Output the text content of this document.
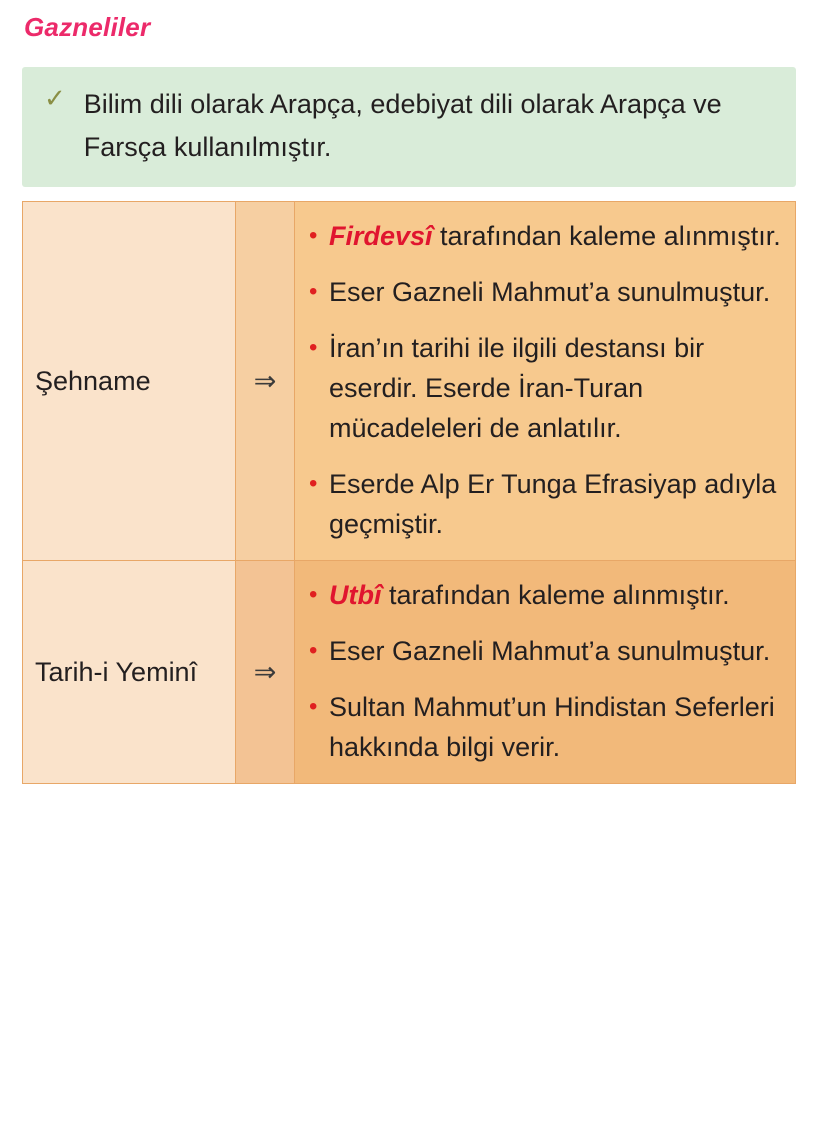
Gazneliler
✓ Bilim dili olarak Arapça, edebiyat dili olarak Arapça ve Farsça kullanılmıştır.
Şehname	⇒	
• Firdevsî tarafından kaleme alınmıştır.
• Eser Gazneli Mahmut’a sunulmuştur.
• İran’ın tarihi ile ilgili destansı bir eserdir. Eserde İran-Turan mücadeleleri de anlatılır.
• Eserde Alp Er Tunga Efrasiyap adıyla geçmiştir.

Tarih-i Yeminî	⇒	
• Utbî tarafından kaleme alınmıştır.
• Eser Gazneli Mahmut’a sunulmuştur.
• Sultan Mahmut’un Hindistan Seferleri hakkında bilgi verir.
